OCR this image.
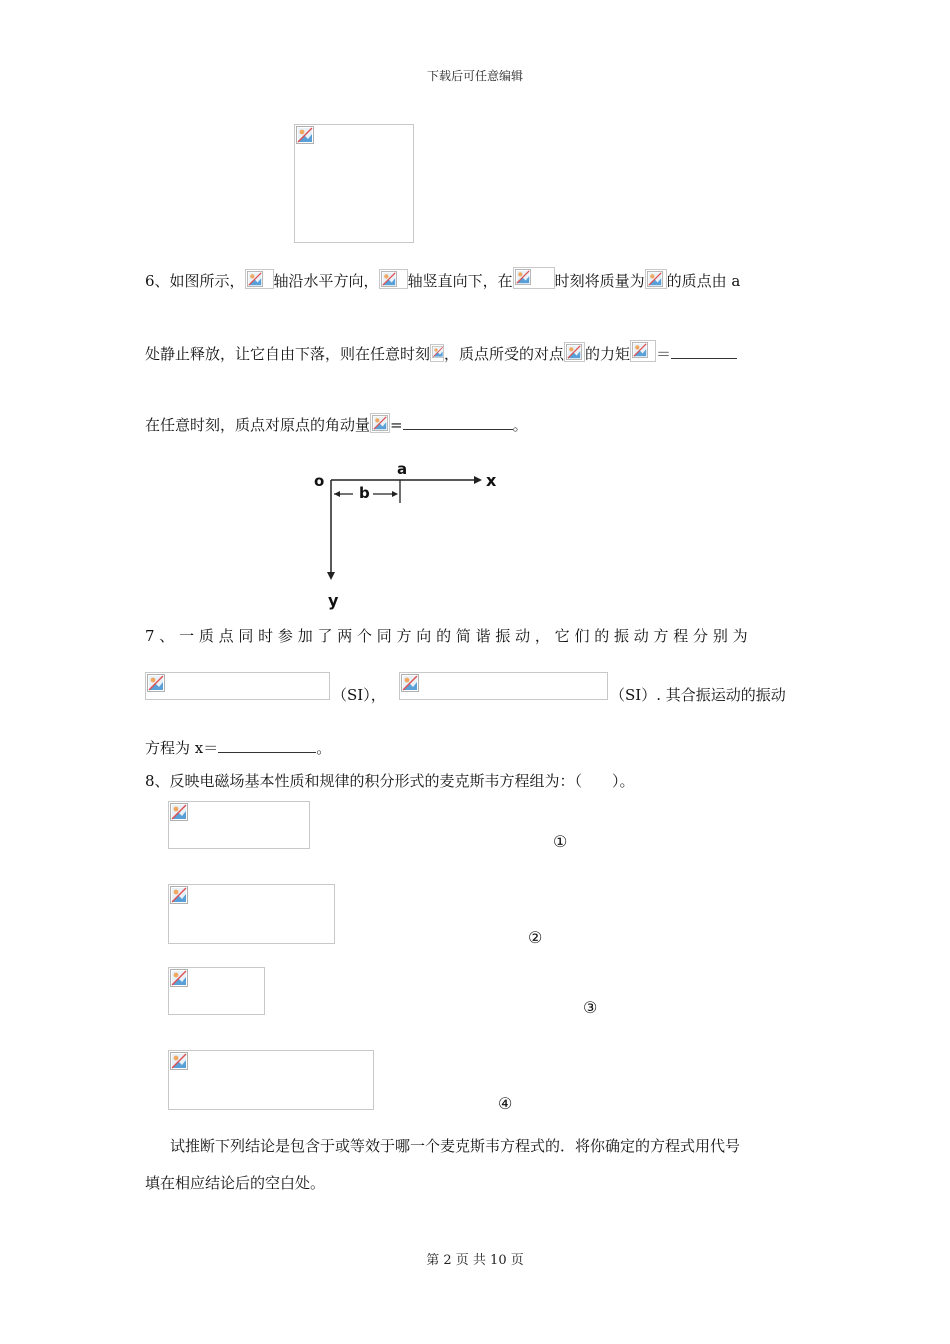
下载后可任意编辑
6、如图所示， 轴沿水平方向， 轴竖直向下，在	时刻将质量为 的质点由 a
处静止释放，让它自由下落，则在任意时刻 ，质点所受的对点 的力矩 ＝
在任意时刻，质点对原点的角动量 =	。
o
a
b
x
y
7 、 一 质 点 同 时 参 加 了 两 个 同 方 向 的 简 谐 振 动 ， 它 们 的 振 动 方 程 分 别 为
（SI），	（SI）. 其合振运动的振动
方程为 x＝	。
8、反映电磁场基本性质和规律的积分形式的麦克斯韦方程组为：（　　）。
①
②
③
④
试推断下列结论是包含于或等效于哪一个麦克斯韦方程式的．将你确定的方程式用代号
填在相应结论后的空白处。
第 2 页 共 10 页
